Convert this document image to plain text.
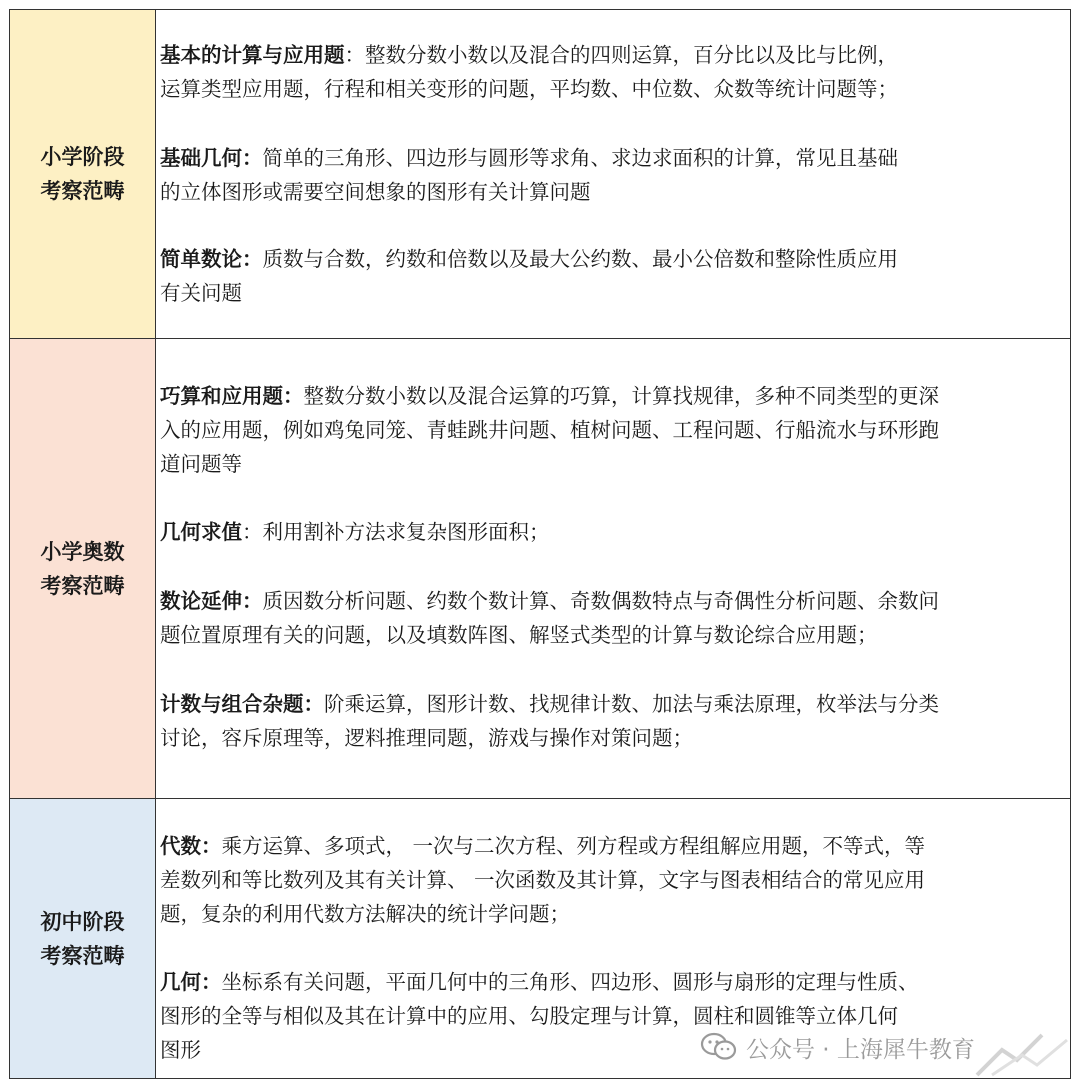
小学阶段
考察范畴
基本的计算与应用题：整数分数小数以及混合的四则运算，百分比以及比与比例，
运算类型应用题，行程和相关变形的问题，平均数、中位数、众数等统计问题等；
基础几何：简单的三角形、四边形与圆形等求角、求边求面积的计算，常见且基础
的立体图形或需要空间想象的图形有关计算问题
简单数论：质数与合数，约数和倍数以及最大公约数、最小公倍数和整除性质应用
有关问题
小学奥数
考察范畴
巧算和应用题：整数分数小数以及混合运算的巧算，计算找规律，多种不同类型的更深
入的应用题，例如鸡兔同笼、青蛙跳井问题、植树问题、工程问题、行船流水与环形跑
道问题等
几何求值：利用割补方法求复杂图形面积；
数论延伸：质因数分析问题、约数个数计算、奇数偶数特点与奇偶性分析问题、余数问
题位置原理有关的问题，以及填数阵图、解竖式类型的计算与数论综合应用题；
计数与组合杂题：阶乘运算，图形计数、找规律计数、加法与乘法原理，枚举法与分类
讨论，容斥原理等，逻料推理同题，游戏与操作对策问题；
初中阶段
考察范畴
代数：乘方运算、多项式， 一次与二次方程、列方程或方程组解应用题，不等式，等
差数列和等比数列及其有关计算、 一次函数及其计算，文字与图表相结合的常见应用
题，复杂的利用代数方法解决的统计学问题；
几何：坐标系有关问题，平面几何中的三角形、四边形、圆形与扇形的定理与性质、
图形的全等与相似及其在计算中的应用、勾股定理与计算，圆柱和圆锥等立体几何
图形	公众号 · 上海犀牛教育
